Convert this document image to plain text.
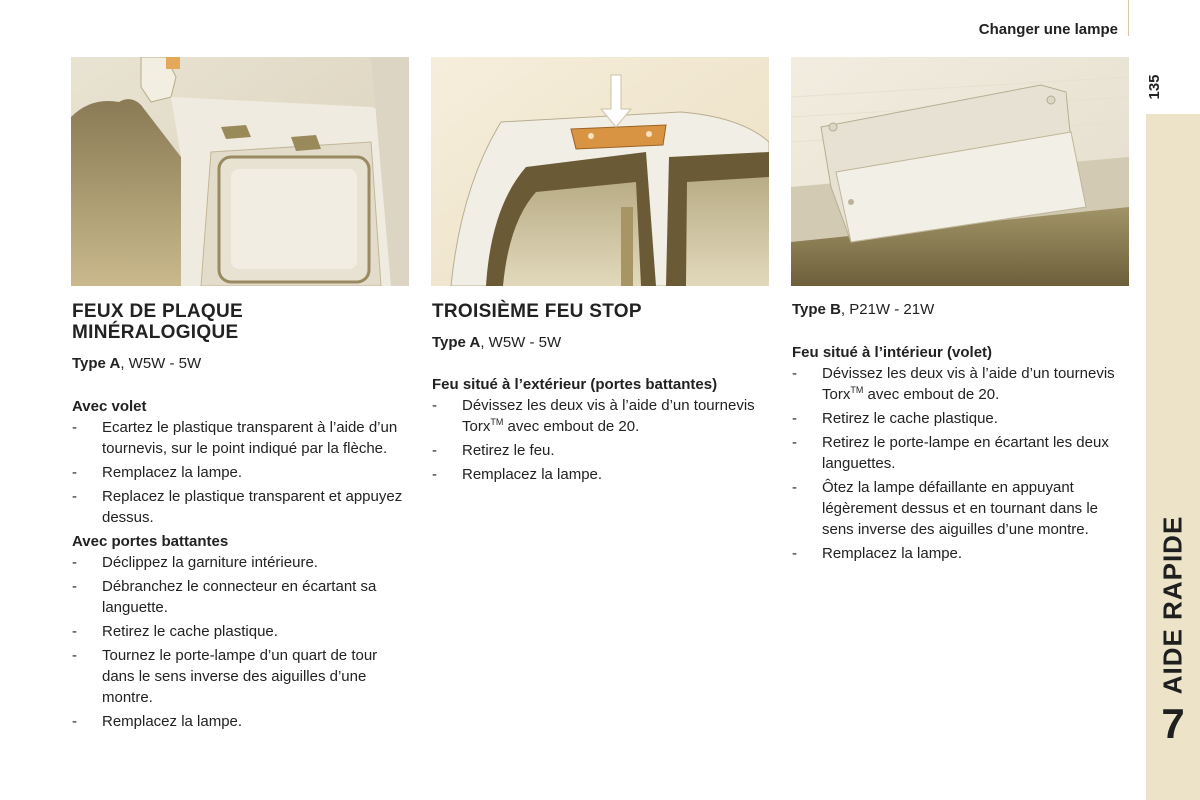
Changer une lampe
135
AIDE RAPIDE
7
FEUX DE PLAQUE
MINÉRALOGIQUE

Type A, W5W - 5W

Avec volet

- Ecartez le plastique transparent à l’aide d’un tournevis, sur le point indiqué par la flèche.
- Remplacez la lampe.
- Replacez le plastique transparent et appuyez dessus.

Avec portes battantes

- Déclippez la garniture intérieure.
- Débranchez le connecteur en écartant sa languette.
- Retirez le cache plastique.
- Tournez le porte-lampe d’un quart de tour dans le sens inverse des aiguilles d’une montre.
- Remplacez la lampe.
TROISIÈME FEU STOP

Type A, W5W - 5W

Feu situé à l’extérieur (portes battantes)

- Dévissez les deux vis à l’aide d’un tournevis Torx™ avec embout de 20.
- Retirez le feu.
- Remplacez la lampe.

Type B, P21W - 21W

Feu situé à l’intérieur (volet)

- Dévissez les deux vis à l’aide d’un tournevis Torx™ avec embout de 20.
- Retirez le cache plastique.
- Retirez le porte-lampe en écartant les deux languettes.
- Ôtez la lampe défaillante en appuyant légèrement dessus et en tournant dans le sens inverse des aiguilles d’une montre.
- Remplacez la lampe.
